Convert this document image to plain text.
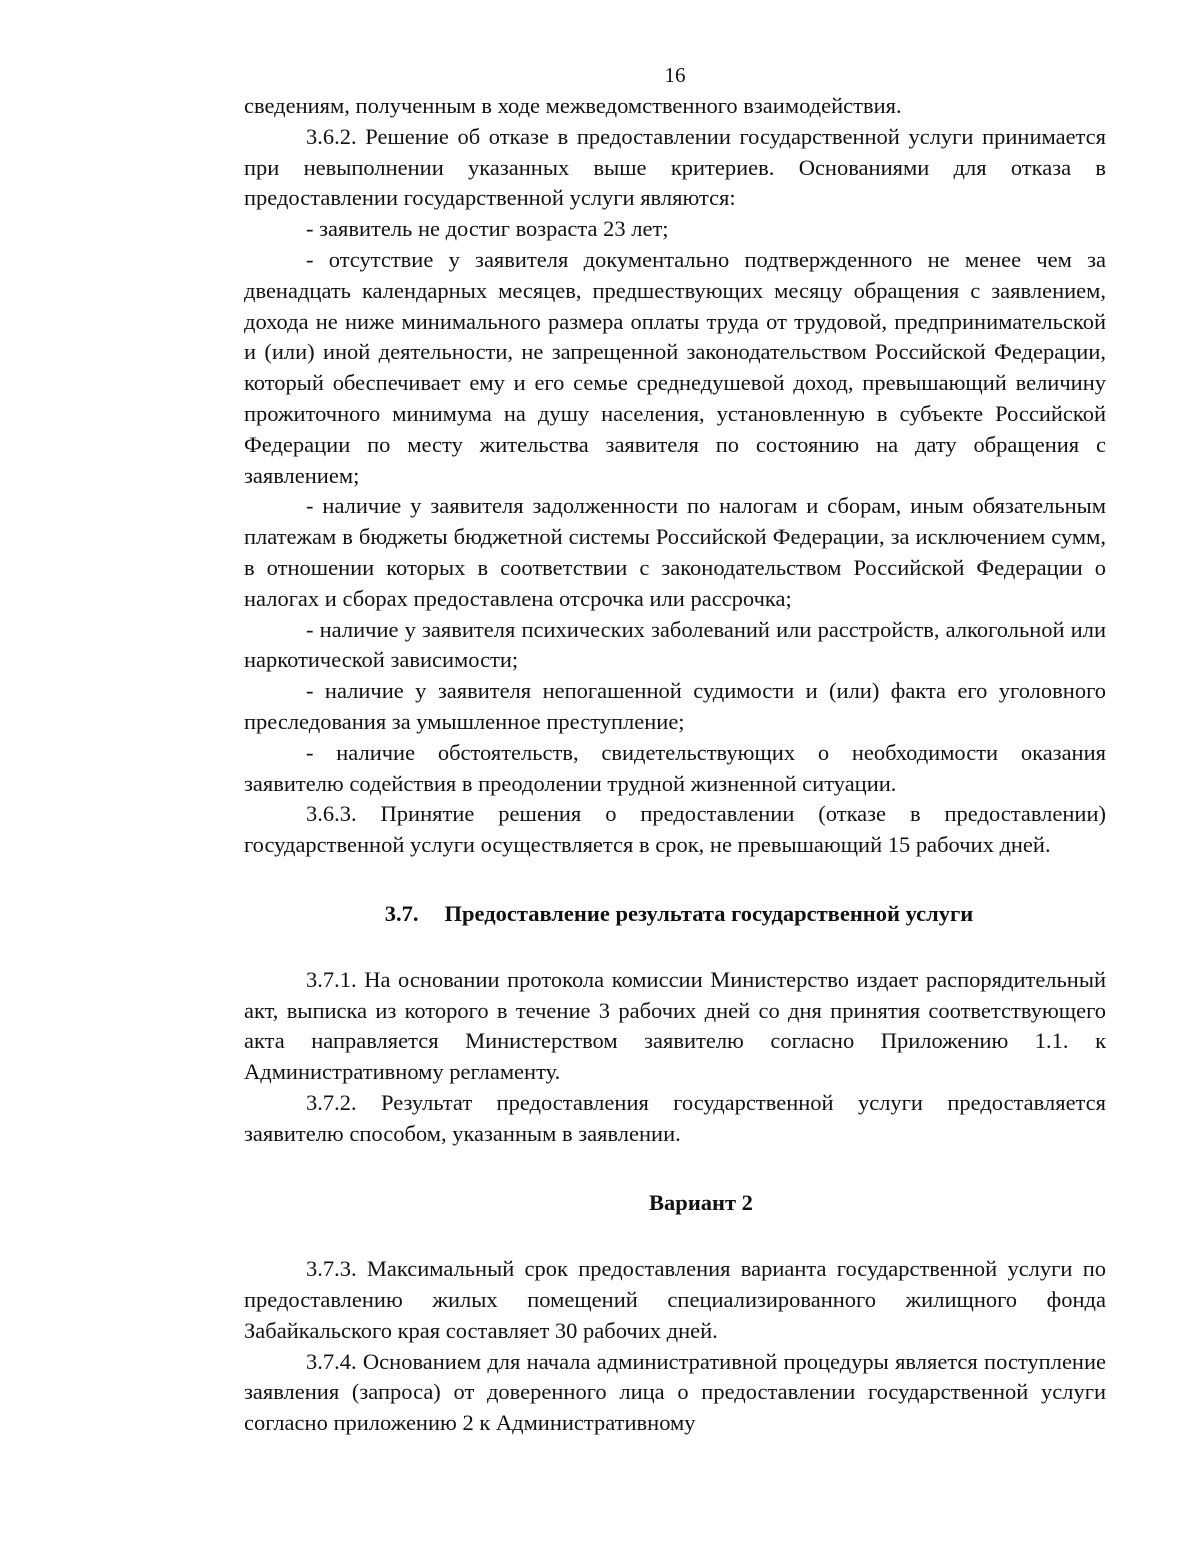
16

сведениям, полученным в ходе межведомственного взаимодействия.

3.6.2. Решение об отказе в предоставлении государственной услуги принимается при невыполнении указанных выше критериев. Основаниями для отказа в предоставлении государственной услуги являются:

- заявитель не достиг возраста 23 лет;

- отсутствие у заявителя документально подтвержденного не менее чем за двенадцать календарных месяцев, предшествующих месяцу обращения с заявлением, дохода не ниже минимального размера оплаты труда от трудовой, предпринимательской и (или) иной деятельности, не запрещенной законодательством Российской Федерации, который обеспечивает ему и его семье среднедушевой доход, превышающий величину прожиточного минимума на душу населения, установленную в субъекте Российской Федерации по месту жительства заявителя по состоянию на дату обращения с заявлением;

- наличие у заявителя задолженности по налогам и сборам, иным обязательным платежам в бюджеты бюджетной системы Российской Федерации, за исключением сумм, в отношении которых в соответствии с законодательством Российской Федерации о налогах и сборах предоставлена отсрочка или рассрочка;

- наличие у заявителя психических заболеваний или расстройств, алкогольной или наркотической зависимости;

- наличие у заявителя непогашенной судимости и (или) факта его уголовного преследования за умышленное преступление;

- наличие обстоятельств, свидетельствующих о необходимости оказания заявителю содействия в преодолении трудной жизненной ситуации.

3.6.3. Принятие решения о предоставлении (отказе в предоставлении) государственной услуги осуществляется в срок, не превышающий 15 рабочих дней.

3.7. Предоставление результата государственной услуги

3.7.1. На основании протокола комиссии Министерство издает распорядительный акт, выписка из которого в течение 3 рабочих дней со дня принятия соответствующего акта направляется Министерством заявителю согласно Приложению 1.1. к Административному регламенту.

3.7.2. Результат предоставления государственной услуги предоставляется заявителю способом, указанным в заявлении.

Вариант 2

3.7.3. Максимальный срок предоставления варианта государственной услуги по предоставлению жилых помещений специализированного жилищного фонда Забайкальского края составляет 30 рабочих дней.

3.7.4. Основанием для начала административной процедуры является поступление заявления (запроса) от доверенного лица о предоставлении государственной услуги согласно приложению 2 к Административному
